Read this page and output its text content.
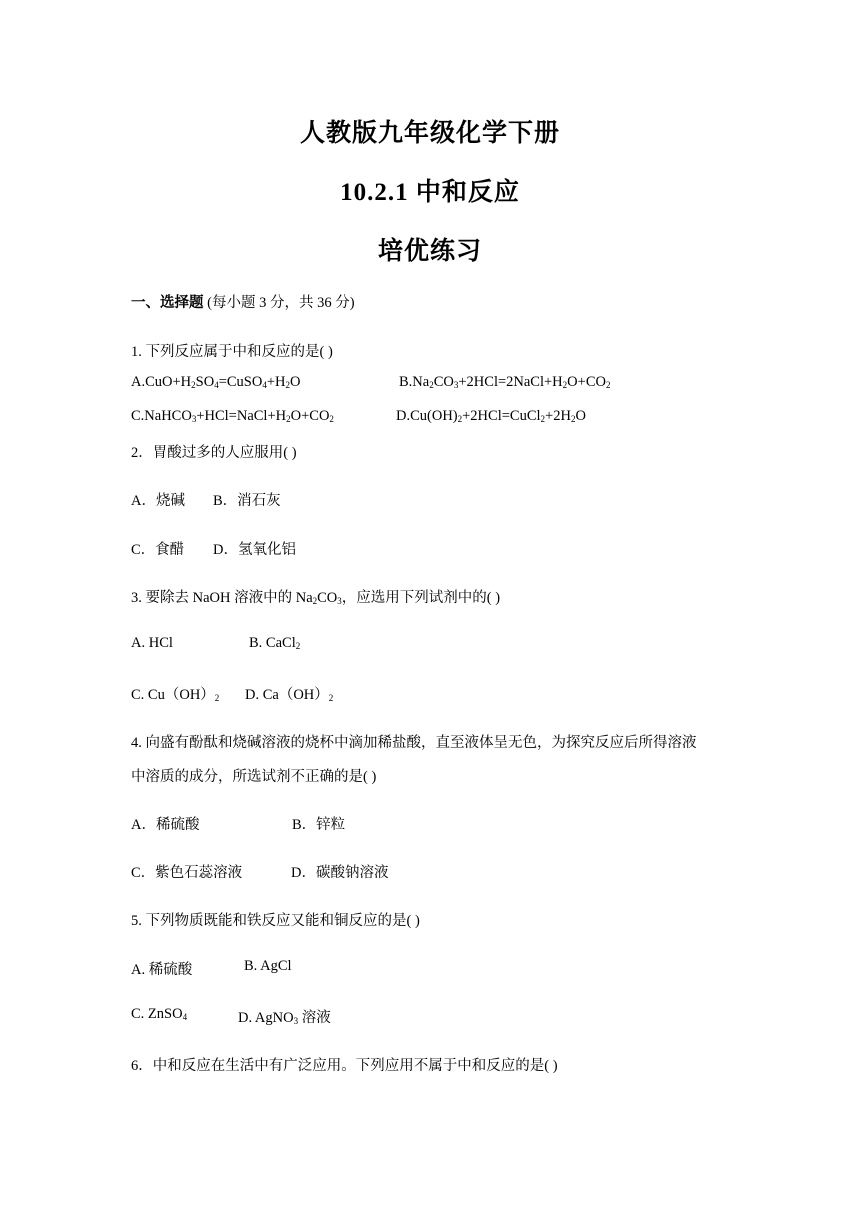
人教版九年级化学下册
10.2.1 中和反应
培优练习
一、选择题 (每小题 3 分，共 36 分)
1. 下列反应属于中和反应的是( )
$A.CuO+H_2SO_4=CuSO_4+H_2O$	$B.Na_2CO_3+2HCl=2NaCl+H_2O+CO_2$
$C.NaHCO_3+HCl=NaCl+H_2O+CO_2$	$D.Cu(OH)_2+2HCl=CuCl_2+2H_2O$
2．胃酸过多的人应服用( )
A．烧碱 B．消石灰
C．食醋 D．氢氧化铝
3. 要除去 NaOH 溶液中的 $Na_2CO_3$，应选用下列试剂中的( )
A. HCl	B. CaCl$_2$
C. $Cu(OH)_2$ D. $Ca(OH)_2$
4. 向盛有酚酞和烧碱溶液的烧杯中滴加稀盐酸，直至液体呈无色，为探究反应后所得溶液
中溶质的成分，所选试剂不正确的是( )
A．稀硫酸	B．锌粒
C．紫色石蕊溶液	D．碳酸钠溶液
5. 下列物质既能和铁反应又能和铜反应的是( )
A. 稀硫酸	B. AgCl
C. ZnSO$_4$	D. AgNO$_3$ 溶液
6．中和反应在生活中有广泛应用。下列应用不属于中和反应的是( )
